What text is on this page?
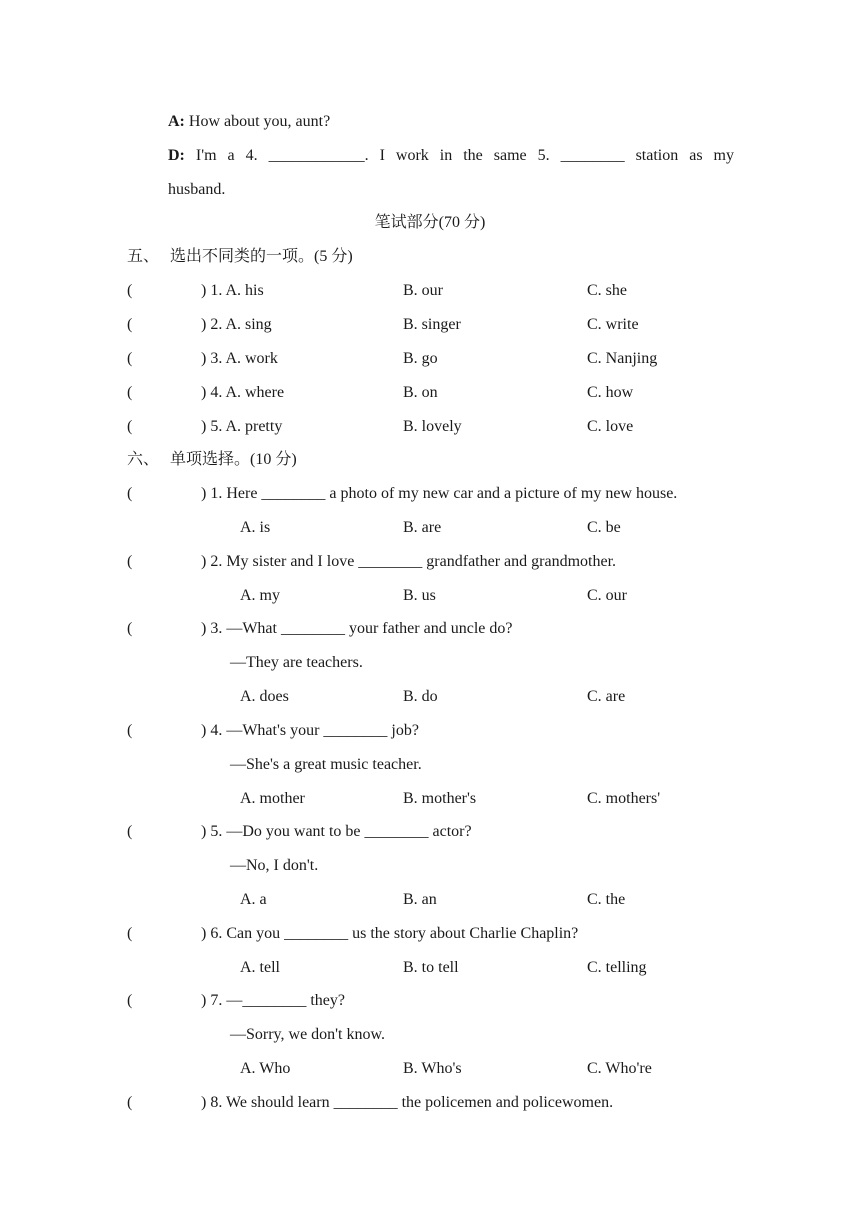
A: How about you, aunt?
D: I'm a 4. ____________. I work in the same 5. ________ station as my
husband.
笔试部分(70 分)
五、 选出不同类的一项。(5 分)
(	) 1. A. his	B. our	C. she
(	) 2. A. sing	B. singer	C. write
(	) 3. A. work	B. go	C. Nanjing
(	) 4. A. where	B. on	C. how
(	) 5. A. pretty	B. lovely	C. love
六、 单项选择。(10 分)
(	) 1. Here ________ a photo of my new car and a picture of my new house.
A. is	B. are	C. be
(	) 2. My sister and I love ________ grandfather and grandmother.
A. my	B. us	C. our
(	) 3. —What ________ your father and uncle do?
—They are teachers.
A. does	B. do	C. are
(	) 4. —What's your ________ job?
—She's a great music teacher.
A. mother	B. mother's	C. mothers'
(	) 5. —Do you want to be ________ actor?
—No, I don't.
A. a	B. an	C. the
(	) 6. Can you ________ us the story about Charlie Chaplin?
A. tell	B. to tell	C. telling
(	) 7. —________ they?
—Sorry, we don't know.
A. Who	B. Who's	C. Who're
(	) 8. We should learn ________ the policemen and policewomen.
